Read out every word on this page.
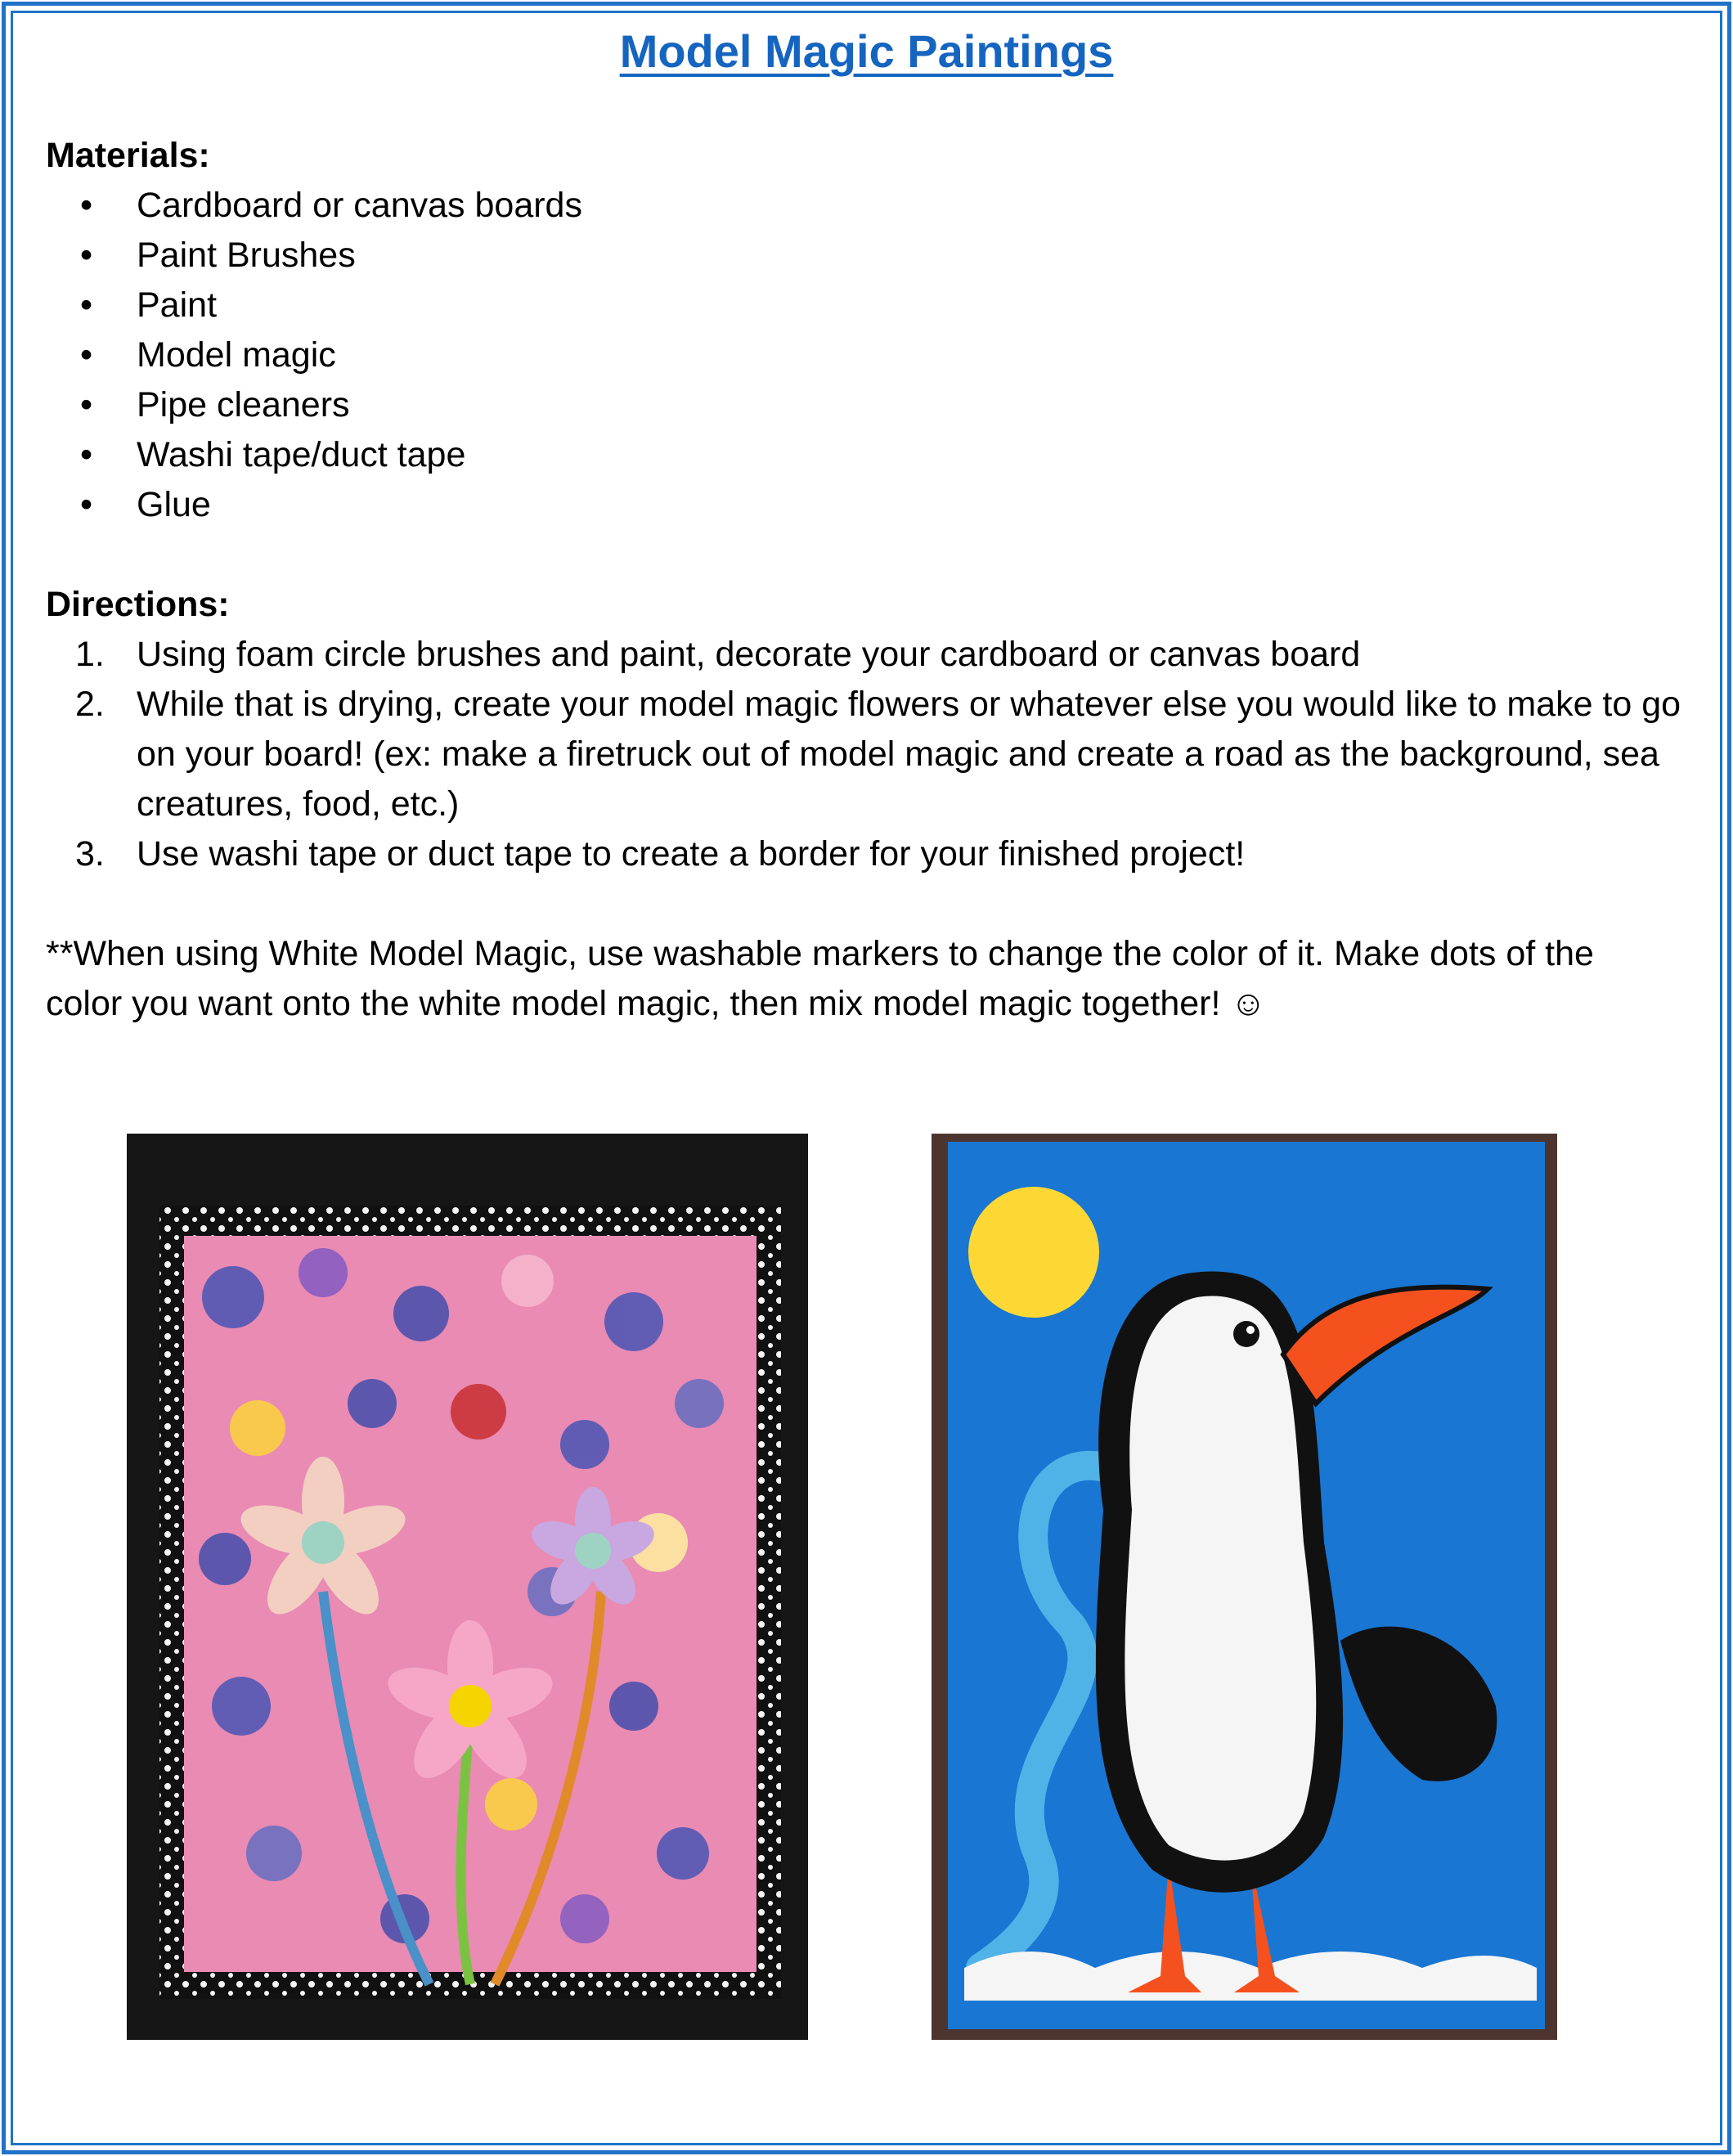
Model Magic Paintings
Materials:
• Cardboard or canvas boards
• Paint Brushes
• Paint
• Model magic
• Pipe cleaners
• Washi tape/duct tape
• Glue
Directions:
1. Using foam circle brushes and paint, decorate your cardboard or canvas board
2. While that is drying, create your model magic flowers or whatever else you would like to make to go on your board! (ex: make a firetruck out of model magic and create a road as the background, sea creatures, food, etc.)
3. Use washi tape or duct tape to create a border for your finished project!
**When using White Model Magic, use washable markers to change the color of it. Make dots of the color you want onto the white model magic, then mix model magic together! ☺
